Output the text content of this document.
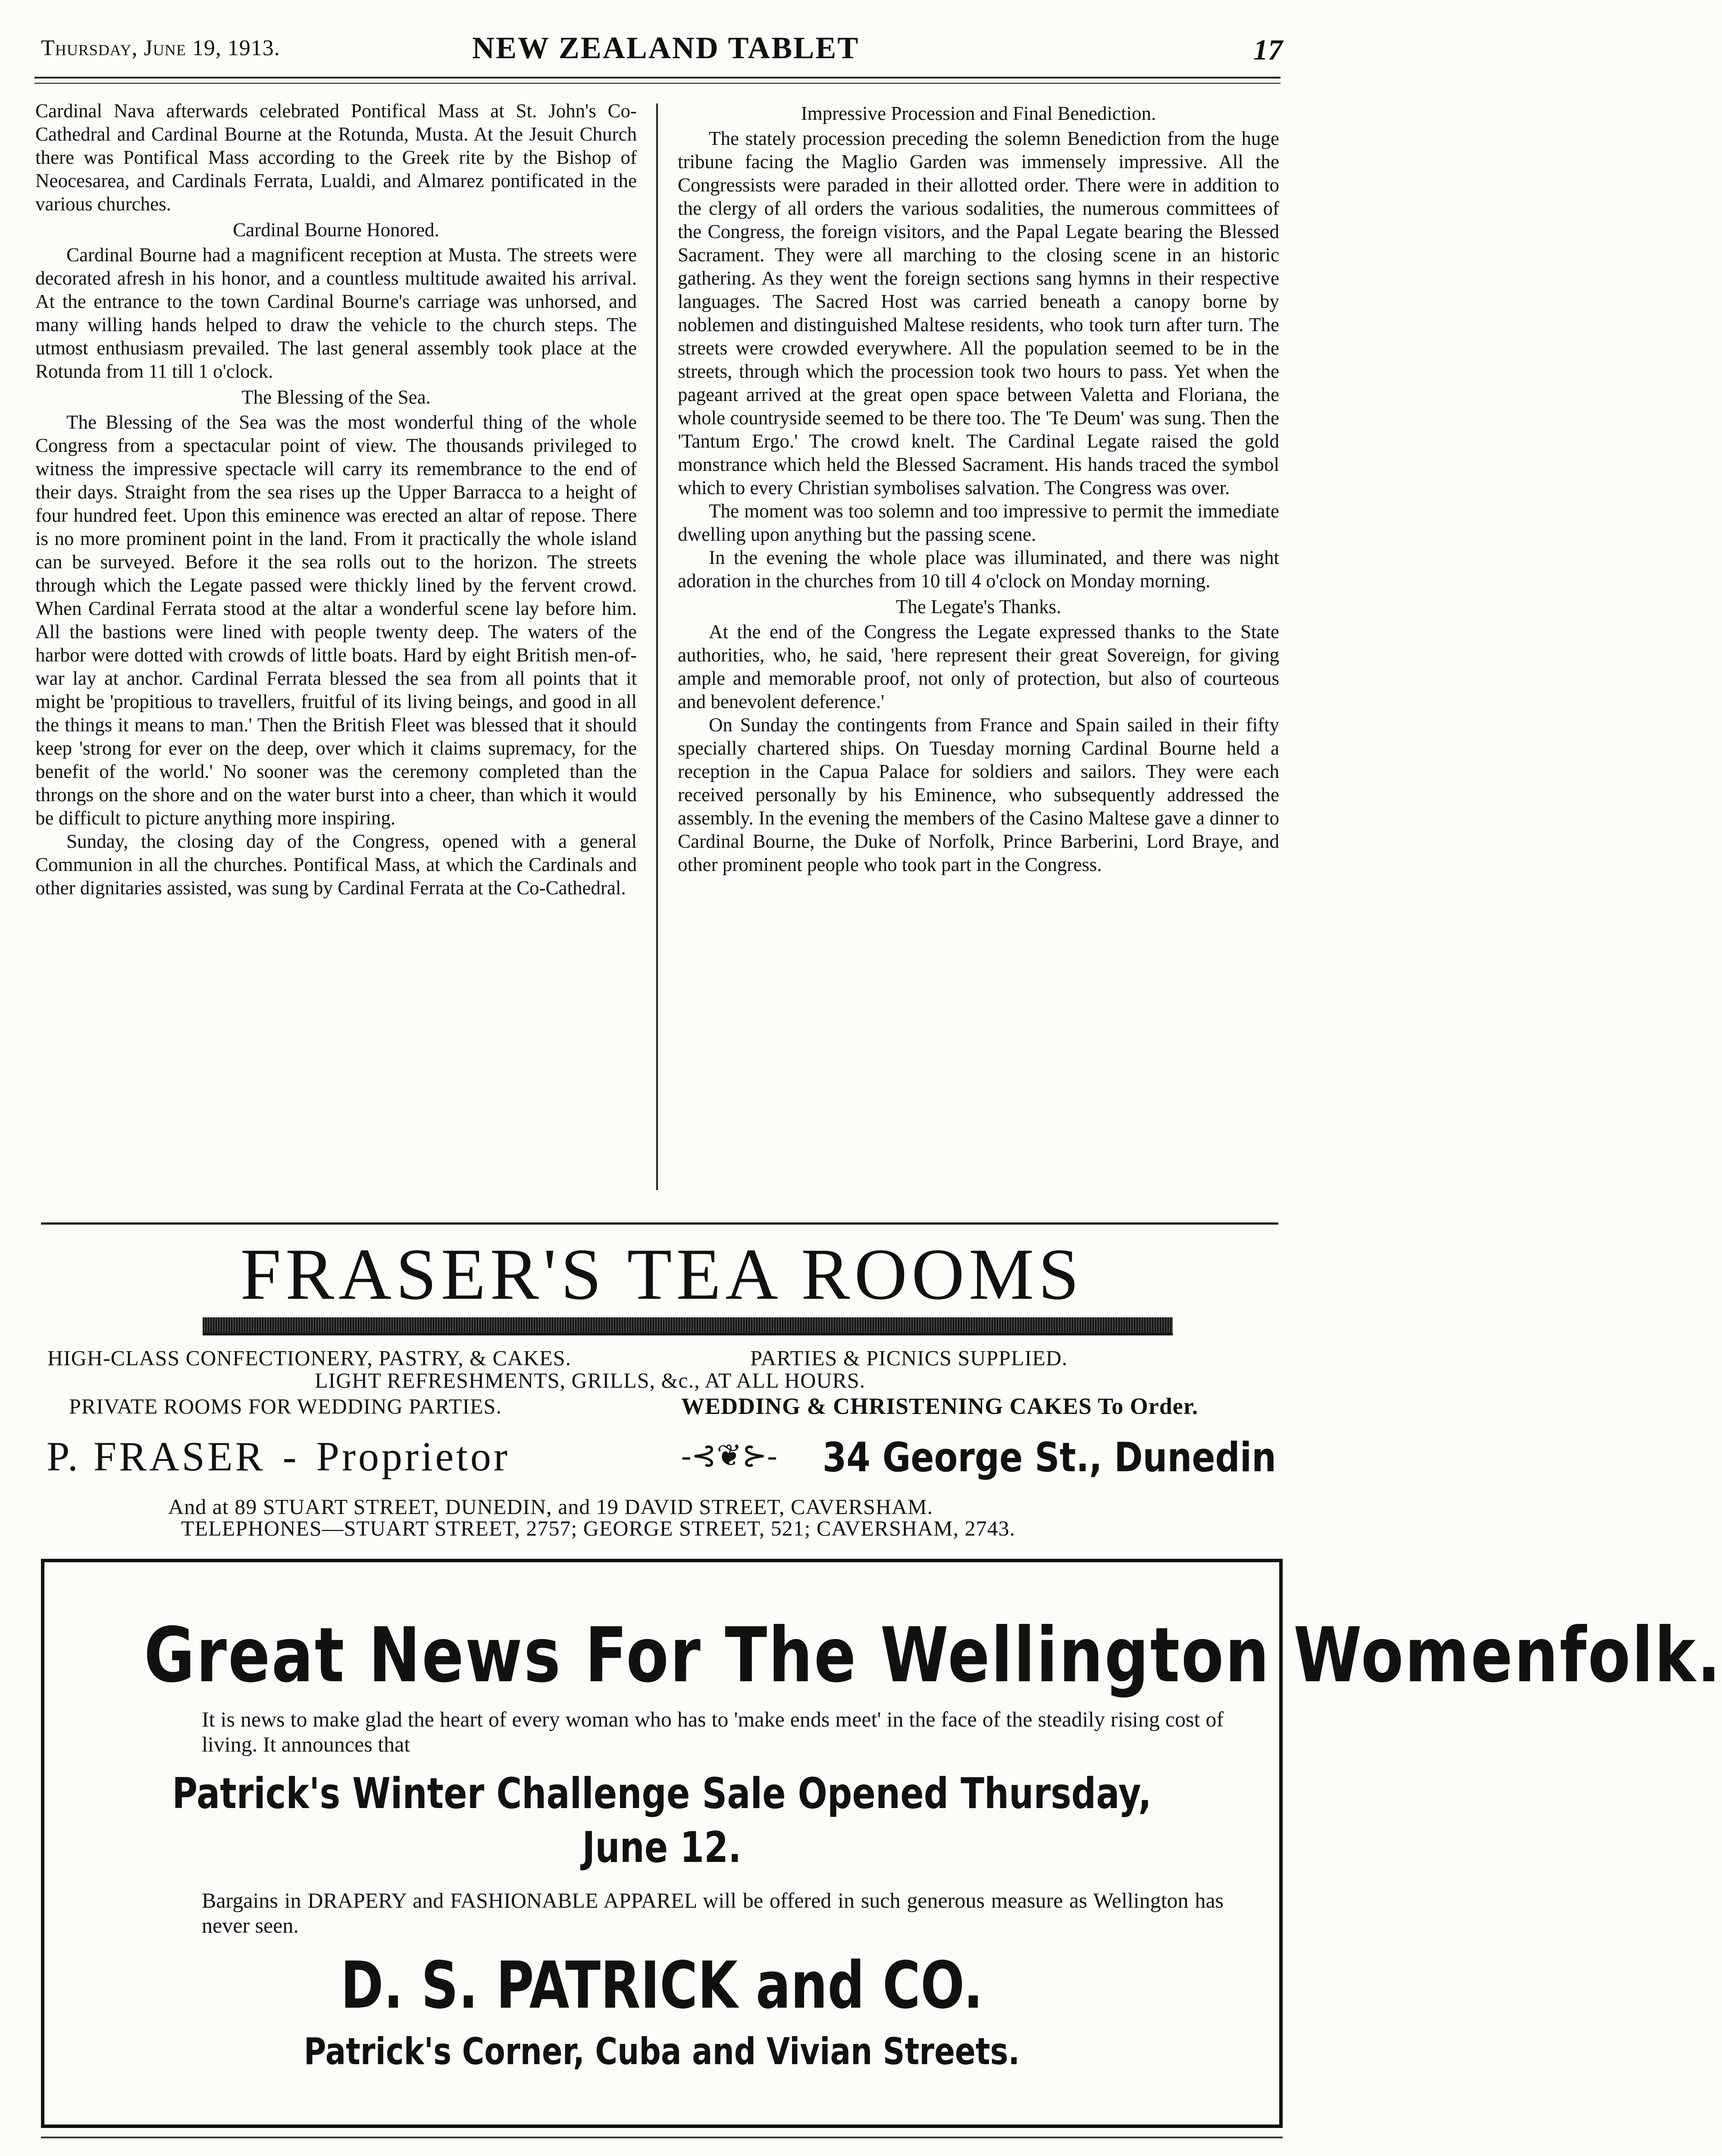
Thursday, June 19, 1913.	NEW ZEALAND TABLET	17

Cardinal Nava afterwards celebrated Pontifical Mass at St. John's Co-Cathedral and Cardinal Bourne at the Rotunda, Musta. At the Jesuit Church there was Pontifical Mass according to the Greek rite by the Bishop of Neocesarea, and Cardinals Ferrata, Lualdi, and Almarez pontificated in the various churches.

Cardinal Bourne Honored.

Cardinal Bourne had a magnificent reception at Musta. The streets were decorated afresh in his honor, and a countless multitude awaited his arrival. At the entrance to the town Cardinal Bourne's carriage was unhorsed, and many willing hands helped to draw the vehicle to the church steps. The utmost enthusiasm prevailed. The last general assembly took place at the Rotunda from 11 till 1 o'clock.

The Blessing of the Sea.

The Blessing of the Sea was the most wonderful thing of the whole Congress from a spectacular point of view. The thousands privileged to witness the impressive spectacle will carry its remembrance to the end of their days. Straight from the sea rises up the Upper Barracca to a height of four hundred feet. Upon this eminence was erected an altar of repose. There is no more prominent point in the land. From it practically the whole island can be surveyed. Before it the sea rolls out to the horizon. The streets through which the Legate passed were thickly lined by the fervent crowd. When Cardinal Ferrata stood at the altar a wonderful scene lay before him. All the bastions were lined with people twenty deep. The waters of the harbor were dotted with crowds of little boats. Hard by eight British men-of-war lay at anchor. Cardinal Ferrata blessed the sea from all points that it might be 'propitious to travellers, fruitful of its living beings, and good in all the things it means to man.' Then the British Fleet was blessed that it should keep 'strong for ever on the deep, over which it claims supremacy, for the benefit of the world.' No sooner was the ceremony completed than the throngs on the shore and on the water burst into a cheer, than which it would be difficult to picture anything more inspiring.

Sunday, the closing day of the Congress, opened with a general Communion in all the churches. Pontifical Mass, at which the Cardinals and other dignitaries assisted, was sung by Cardinal Ferrata at the Co-Cathedral.

Impressive Procession and Final Benediction.

The stately procession preceding the solemn Benediction from the huge tribune facing the Maglio Garden was immensely impressive. All the Congressists were paraded in their allotted order. There were in addition to the clergy of all orders the various sodalities, the numerous committees of the Congress, the foreign visitors, and the Papal Legate bearing the Blessed Sacrament. They were all marching to the closing scene in an historic gathering. As they went the foreign sections sang hymns in their respective languages. The Sacred Host was carried beneath a canopy borne by noblemen and distinguished Maltese residents, who took turn after turn. The streets were crowded everywhere. All the population seemed to be in the streets, through which the procession took two hours to pass. Yet when the pageant arrived at the great open space between Valetta and Floriana, the whole countryside seemed to be there too. The 'Te Deum' was sung. Then the 'Tantum Ergo.' The crowd knelt. The Cardinal Legate raised the gold monstrance which held the Blessed Sacrament. His hands traced the symbol which to every Christian symbolises salvation. The Congress was over.

The moment was too solemn and too impressive to permit the immediate dwelling upon anything but the passing scene.

In the evening the whole place was illuminated, and there was night adoration in the churches from 10 till 4 o'clock on Monday morning.

The Legate's Thanks.

At the end of the Congress the Legate expressed thanks to the State authorities, who, he said, 'here represent their great Sovereign, for giving ample and memorable proof, not only of protection, but also of courteous and benevolent deference.'

On Sunday the contingents from France and Spain sailed in their fifty specially chartered ships. On Tuesday morning Cardinal Bourne held a reception in the Capua Palace for soldiers and sailors. They were each received personally by his Eminence, who subsequently addressed the assembly. In the evening the members of the Casino Maltese gave a dinner to Cardinal Bourne, the Duke of Norfolk, Prince Barberini, Lord Braye, and other prominent people who took part in the Congress.

FRASER'S TEA ROOMS
HIGH-CLASS CONFECTIONERY, PASTRY, & CAKES.	PARTIES & PICNICS SUPPLIED.
LIGHT REFRESHMENTS, GRILLS, &c., AT ALL HOURS.
PRIVATE ROOMS FOR WEDDING PARTIES.	WEDDING & CHRISTENING CAKES To Order.
P. FRASER - Proprietor	-⊰❦⊱- 34 George St., Dunedin
And at 89 STUART STREET, DUNEDIN, and 19 DAVID STREET, CAVERSHAM.
TELEPHONES—STUART STREET, 2757; GEORGE STREET, 521; CAVERSHAM, 2743.
Great News For The Wellington Womenfolk.
It is news to make glad the heart of every woman who has to 'make ends meet' in the face of the steadily rising cost of living. It announces that
Patrick's Winter Challenge Sale Opened Thursday,
June 12.
Bargains in DRAPERY and FASHIONABLE APPAREL will be offered in such generous measure as Wellington has never seen.
D. S. PATRICK and CO.
Patrick's Corner, Cuba and Vivian Streets.
